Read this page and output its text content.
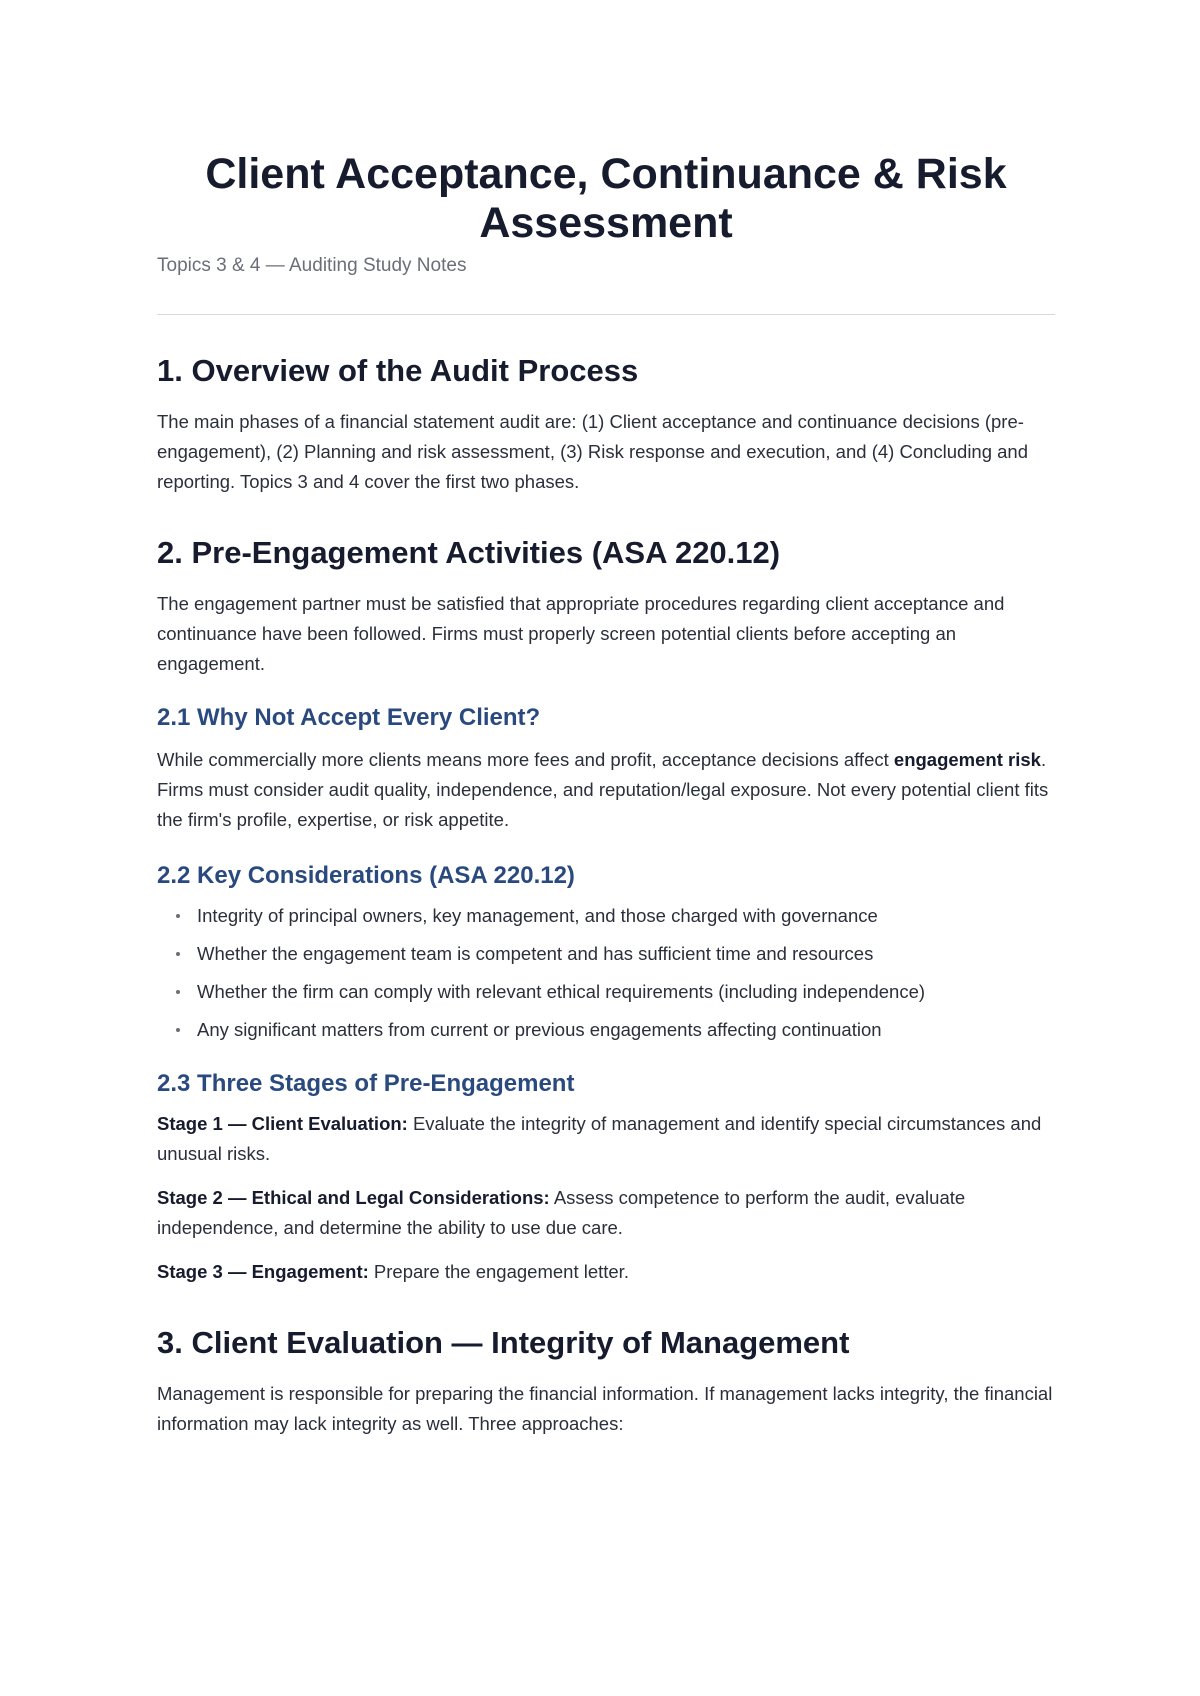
Client Acceptance, Continuance & Risk Assessment
Topics 3 & 4 — Auditing Study Notes
1. Overview of the Audit Process

The main phases of a financial statement audit are: (1) Client acceptance and continuance decisions (pre-engagement), (2) Planning and risk assessment, (3) Risk response and execution, and (4) Concluding and reporting. Topics 3 and 4 cover the first two phases.

2. Pre-Engagement Activities (ASA 220.12)

The engagement partner must be satisfied that appropriate procedures regarding client acceptance and continuance have been followed. Firms must properly screen potential clients before accepting an engagement.

2.1 Why Not Accept Every Client?

While commercially more clients means more fees and profit, acceptance decisions affect engagement risk. Firms must consider audit quality, independence, and reputation/legal exposure. Not every potential client fits the firm's profile, expertise, or risk appetite.

2.2 Key Considerations (ASA 220.12)
Integrity of principal owners, key management, and those charged with governance
Whether the engagement team is competent and has sufficient time and resources
Whether the firm can comply with relevant ethical requirements (including independence)
Any significant matters from current or previous engagements affecting continuation
2.3 Three Stages of Pre-Engagement

Stage 1 — Client Evaluation: Evaluate the integrity of management and identify special circumstances and unusual risks.

Stage 2 — Ethical and Legal Considerations: Assess competence to perform the audit, evaluate independence, and determine the ability to use due care.

Stage 3 — Engagement: Prepare the engagement letter.

3. Client Evaluation — Integrity of Management

Management is responsible for preparing the financial information. If management lacks integrity, the financial information may lack integrity as well. Three approaches:
